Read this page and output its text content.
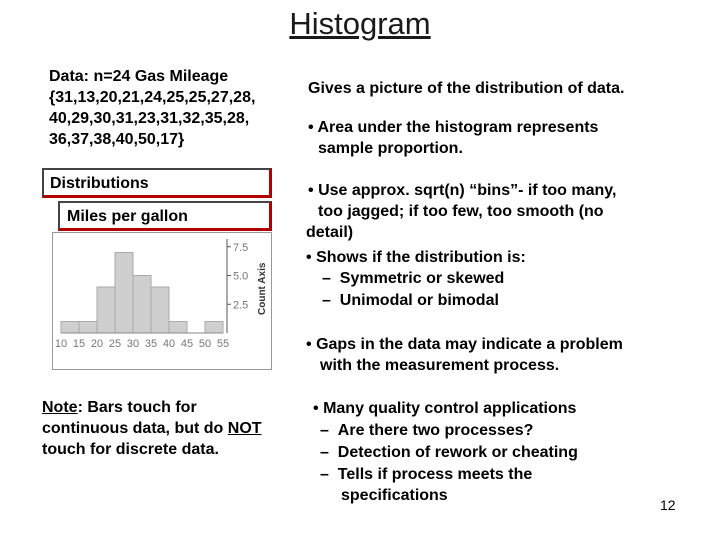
Histogram
Data: n=24 Gas Mileage
{31,13,20,21,24,25,25,27,28,
40,29,30,31,23,31,32,35,28,
36,37,38,40,50,17}
Distributions
Miles per gallon
2.5
5.0
7.5
Count Axis
10 15 20 25 30 35 40 45 50 55
Note: Bars touch for
continuous data, but do NOT
touch for discrete data.
Gives a picture of the distribution of data.
• Area under the histogram represents
sample proportion.
• Use approx. sqrt(n) “bins”- if too many,
too jagged; if too few, too smooth (no
detail)
• Shows if the distribution is:
– Symmetric or skewed
– Unimodal or bimodal
• Gaps in the data may indicate a problem
with the measurement process.
• Many quality control applications
– Are there two processes?
– Detection of rework or cheating
– Tells if process meets the
specifications
12
